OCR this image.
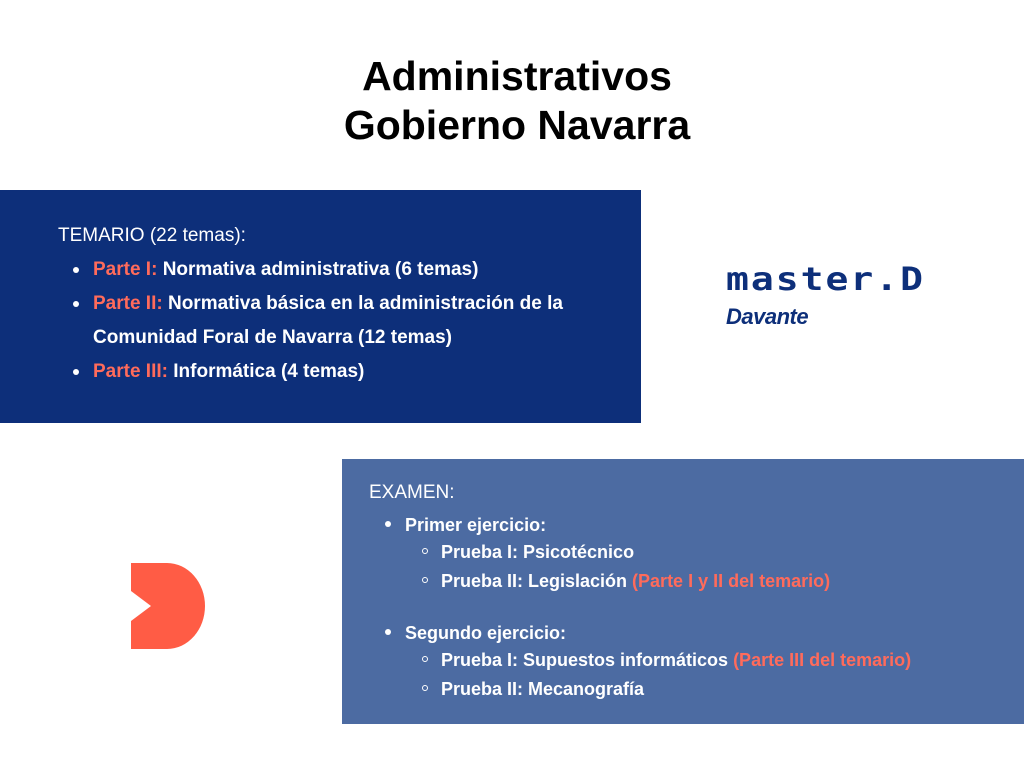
Administrativos
Gobierno Navarra
TEMARIO (22 temas):
Parte I: Normativa administrativa (6 temas)
Parte II: Normativa básica en la administración de la Comunidad Foral de Navarra (12 temas)
Parte III: Informática (4 temas)
master.D
Davante
EXAMEN:
Primer ejercicio:
Prueba I: Psicotécnico
Prueba II: Legislación (Parte I y II del temario)
Segundo ejercicio:
Prueba I: Supuestos informáticos (Parte III del temario)
Prueba II: Mecanografía
